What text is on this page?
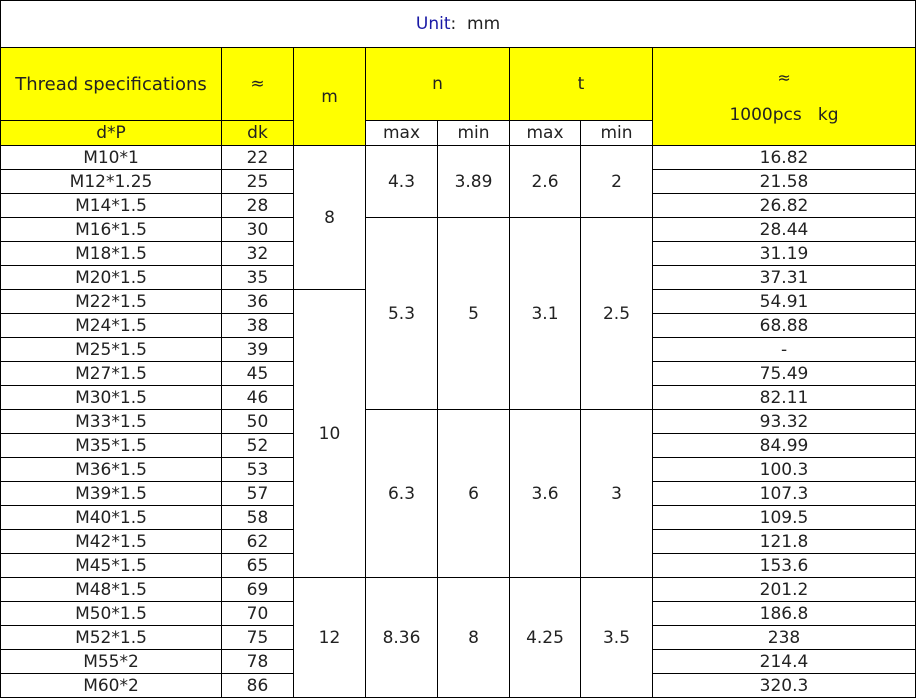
Unit: mm							
Thread specifications	≈	m	n		t		≈
1000pcs   kg
d*P	dk		max	min	max	min	
M10*1	22	8	4.3	3.89	2.6	2	16.82
M12*1.25	25						21.58
M14*1.5	28						26.82
M16*1.5	30		5.3	5	3.1	2.5	28.44
M18*1.5	32						31.19
M20*1.5	35						37.31
M22*1.5	36	10					54.91
M24*1.5	38						68.88
M25*1.5	39						-
M27*1.5	45						75.49
M30*1.5	46						82.11
M33*1.5	50		6.3	6	3.6	3	93.32
M35*1.5	52						84.99
M36*1.5	53						100.3
M39*1.5	57						107.3
M40*1.5	58						109.5
M42*1.5	62						121.8
M45*1.5	65						153.6
M48*1.5	69	12	8.36	8	4.25	3.5	201.2
M50*1.5	70						186.8
M52*1.5	75						238
M55*2	78						214.4
M60*2	86						320.3
